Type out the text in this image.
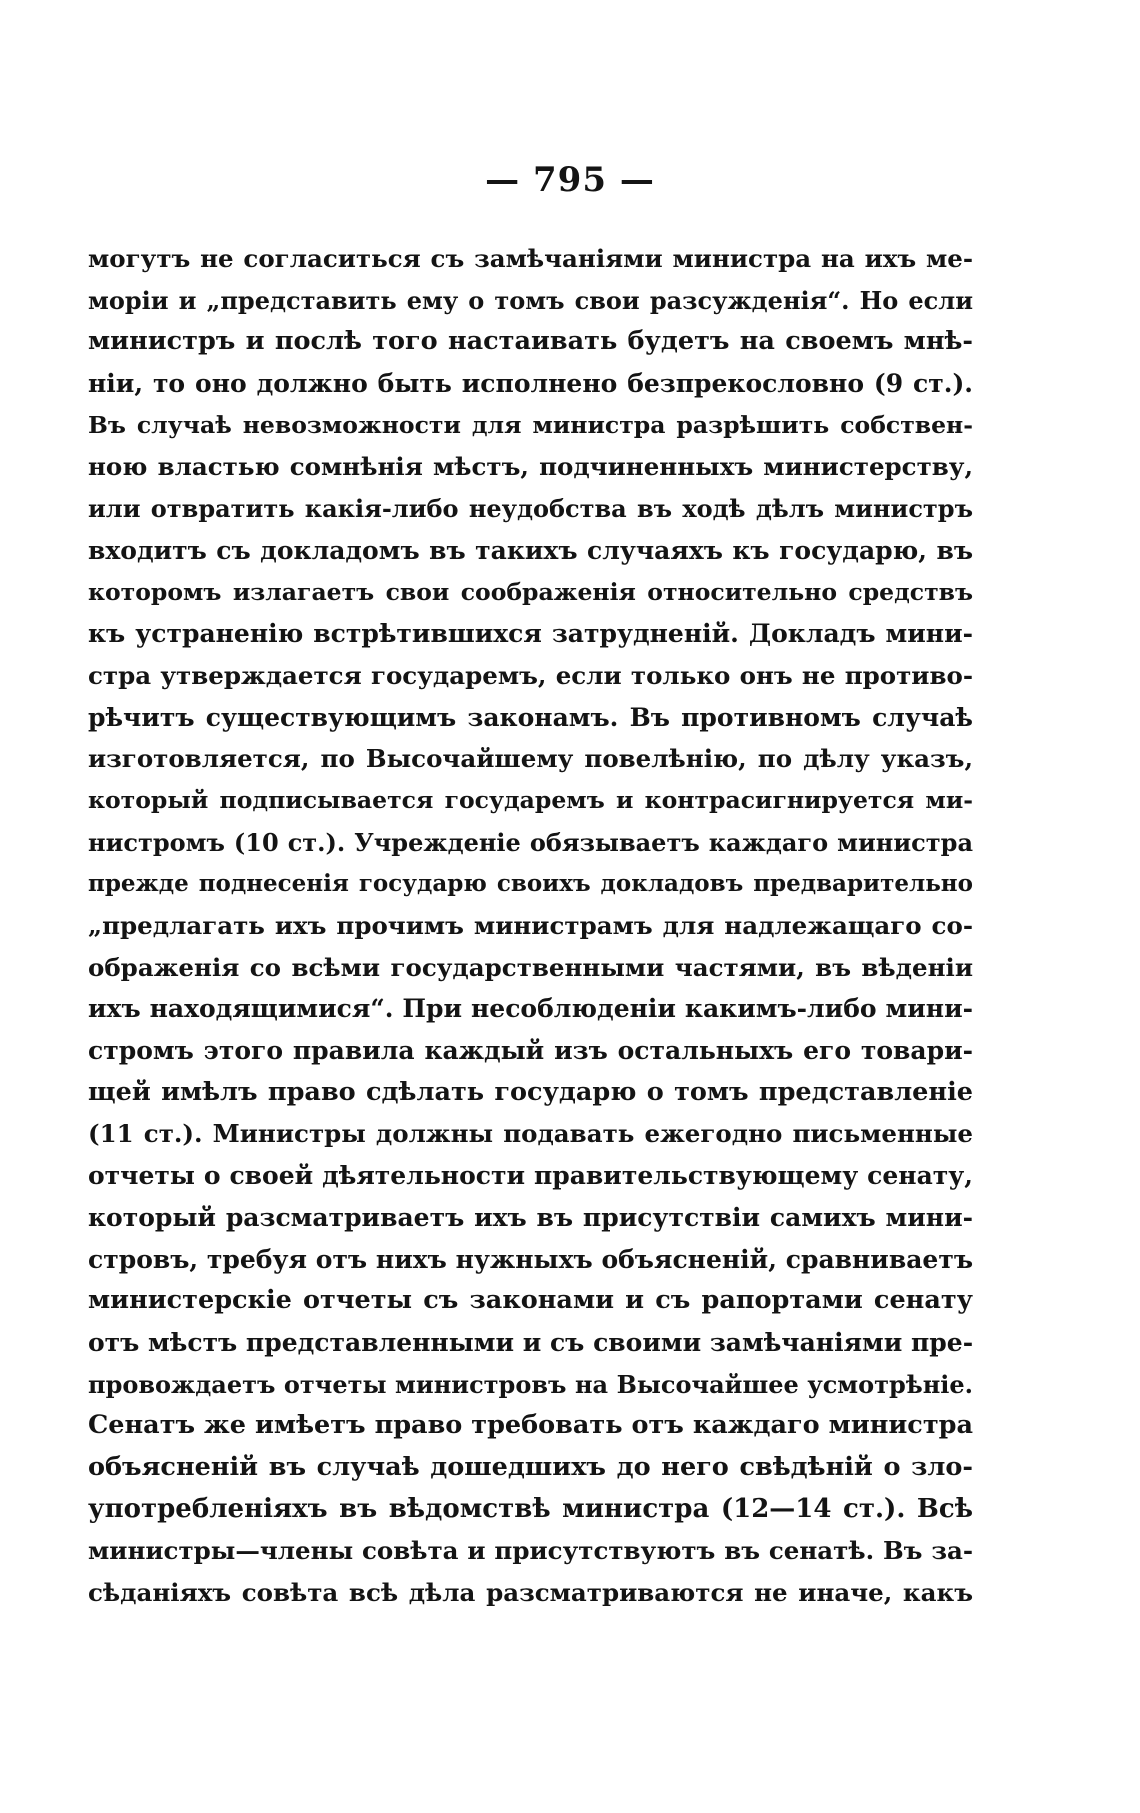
— 795 —
могутъ не согласиться съ замѣчаніями министра на ихъ ме-
моріи и „представить ему о томъ свои разсужденія“. Но если
министръ и послѣ того настаивать будетъ на своемъ мнѣ-
ніи, то оно должно быть исполнено безпрекословно (9 ст.).
Въ случаѣ невозможности для министра разрѣшить собствен-
ною властью сомнѣнія мѣстъ, подчиненныхъ министерству,
или отвратить какія-либо неудобства въ ходѣ дѣлъ министръ
входитъ съ докладомъ въ такихъ случаяхъ къ государю, въ
которомъ излагаетъ свои соображенія относительно средствъ
къ устраненію встрѣтившихся затрудненій. Докладъ мини-
стра утверждается государемъ, если только онъ не противо-
рѣчитъ существующимъ законамъ. Въ противномъ случаѣ
изготовляется, по Высочайшему повелѣнію, по дѣлу указъ,
который подписывается государемъ и контрасигнируется ми-
нистромъ (10 ст.). Учрежденіе обязываетъ каждаго министра
прежде поднесенія государю своихъ докладовъ предварительно
„предлагать ихъ прочимъ министрамъ для надлежащаго со-
ображенія со всѣми государственными частями, въ вѣденіи
ихъ находящимися“. При несоблюденіи какимъ-либо мини-
стромъ этого правила каждый изъ остальныхъ его товари-
щей имѣлъ право сдѣлать государю о томъ представленіе
(11 ст.). Министры должны подавать ежегодно письменные
отчеты о своей дѣятельности правительствующему сенату,
который разсматриваетъ ихъ въ присутствіи самихъ мини-
стровъ, требуя отъ нихъ нужныхъ объясненій, сравниваетъ
министерскіе отчеты съ законами и съ рапортами сенату
отъ мѣстъ представленными и съ своими замѣчаніями пре-
провождаетъ отчеты министровъ на Высочайшее усмотрѣніе.
Сенатъ же имѣетъ право требовать отъ каждаго министра
объясненій въ случаѣ дошедшихъ до него свѣдѣній о зло-
употребленіяхъ въ вѣдомствѣ министра (12—14 ст.). Всѣ
министры—члены совѣта и присутствуютъ въ сенатѣ. Въ за-
сѣданіяхъ совѣта всѣ дѣла разсматриваются не иначе, какъ
